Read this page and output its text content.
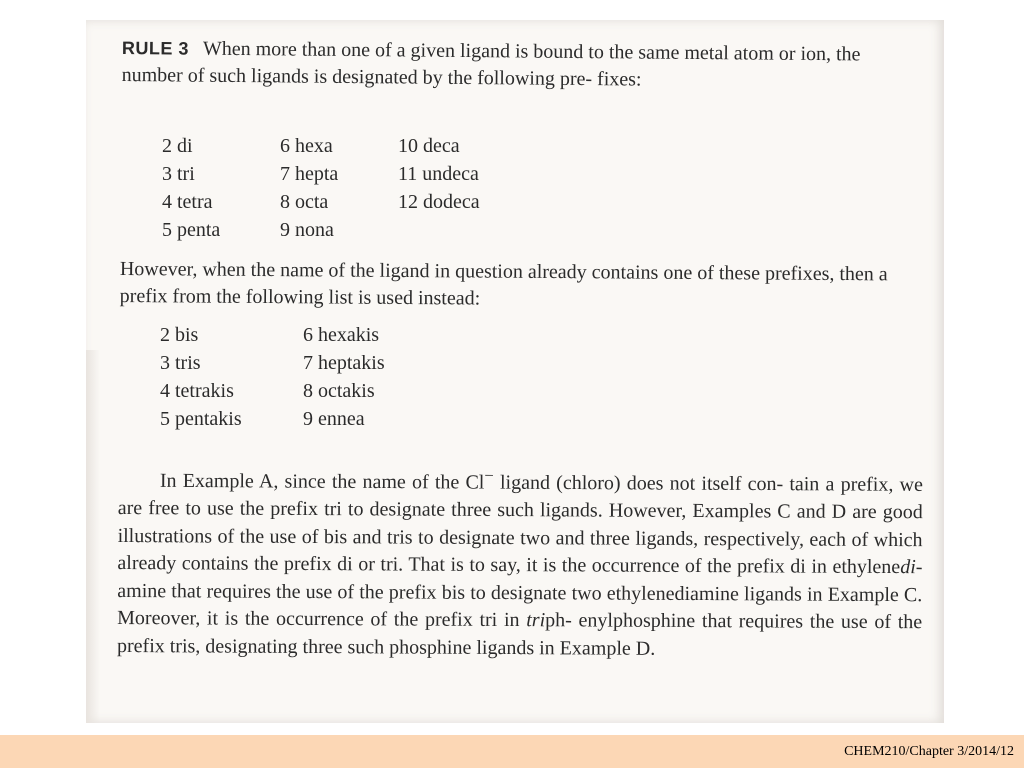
RULE 3 When more than one of a given ligand is bound to the same metal atom or ion, the number of such ligands is designated by the following pre- fixes:
2 di
3 tri
4 tetra
5 penta
6 hexa
7 hepta
8 octa
9 nona
10 deca
11 undeca
12 dodeca
However, when the name of the ligand in question already contains one of these prefixes, then a prefix from the following list is used instead:
2 bis
3 tris
4 tetrakis
5 pentakis
6 hexakis
7 heptakis
8 octakis
9 ennea
In Example A, since the name of the Cl− ligand (chloro) does not itself con- tain a prefix, we are free to use the prefix tri to designate three such ligands. However, Examples C and D are good illustrations of the use of bis and tris to designate two and three ligands, respectively, each of which already contains the prefix di or tri. That is to say, it is the occurrence of the prefix di in ethylenedi- amine that requires the use of the prefix bis to designate two ethylenediamine ligands in Example C. Moreover, it is the occurrence of the prefix tri in triph- enylphosphine that requires the use of the prefix tris, designating three such phosphine ligands in Example D.
CHEM210/Chapter 3/2014/12
